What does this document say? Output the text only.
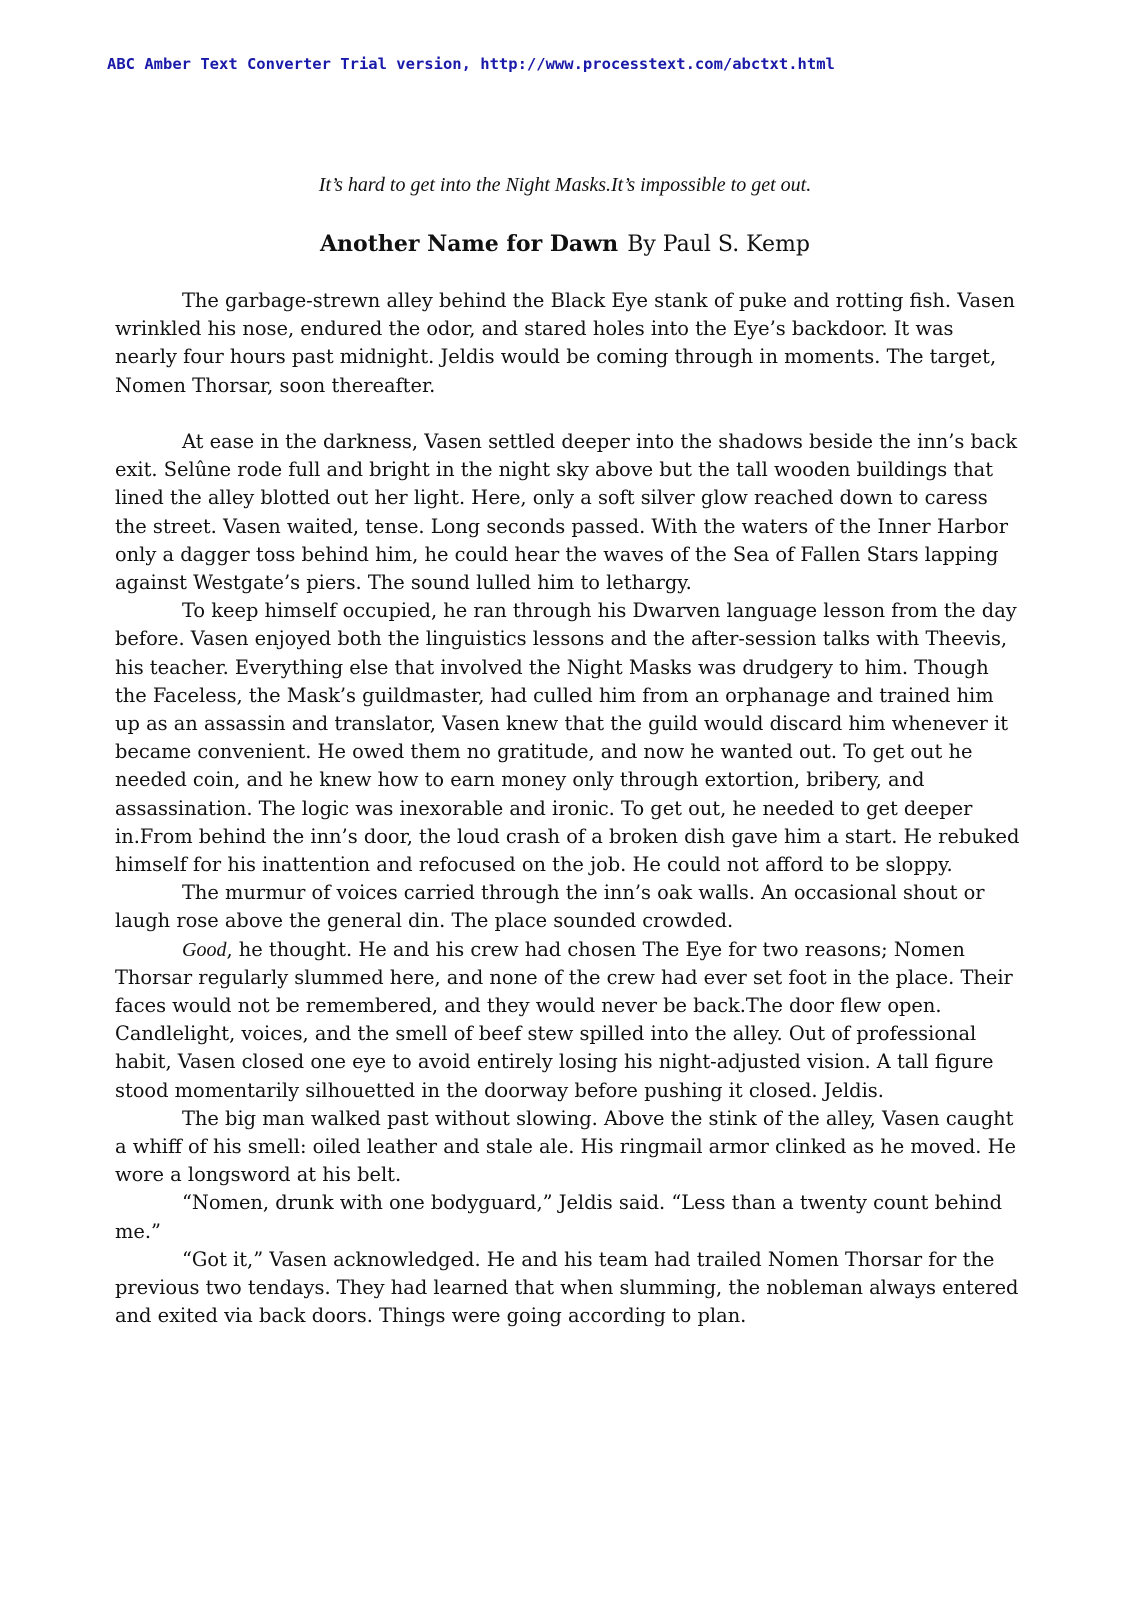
ABC Amber Text Converter Trial version, http://www.processtext.com/abctxt.html
It’s hard to get into the Night Masks.It’s impossible to get out.
Another Name for Dawn By Paul S. Kemp

The garbage-strewn alley behind the Black Eye stank of puke and rotting fish. Vasen wrinkled his nose, endured the odor, and stared holes into the Eye’s backdoor. It was nearly four hours past midnight. Jeldis would be coming through in moments. The target, Nomen Thorsar, soon thereafter.

At ease in the darkness, Vasen settled deeper into the shadows beside the inn’s back exit. Selûne rode full and bright in the night sky above but the tall wooden buildings that lined the alley blotted out her light. Here, only a soft silver glow reached down to caress the street. Vasen waited, tense. Long seconds passed. With the waters of the Inner Harbor only a dagger toss behind him, he could hear the waves of the Sea of Fallen Stars lapping against Westgate’s piers. The sound lulled him to lethargy.

To keep himself occupied, he ran through his Dwarven language lesson from the day before. Vasen enjoyed both the linguistics lessons and the after-session talks with Theevis, his teacher. Everything else that involved the Night Masks was drudgery to him. Though the Faceless, the Mask’s guildmaster, had culled him from an orphanage and trained him up as an assassin and translator, Vasen knew that the guild would discard him whenever it became convenient. He owed them no gratitude, and now he wanted out. To get out he needed coin, and he knew how to earn money only through extortion, bribery, and assassination. The logic was inexorable and ironic. To get out, he needed to get deeper in.From behind the inn’s door, the loud crash of a broken dish gave him a start. He rebuked himself for his inattention and refocused on the job. He could not afford to be sloppy.

The murmur of voices carried through the inn’s oak walls. An occasional shout or laugh rose above the general din. The place sounded crowded.

Good, he thought. He and his crew had chosen The Eye for two reasons; Nomen Thorsar regularly slummed here, and none of the crew had ever set foot in the place. Their faces would not be remembered, and they would never be back.The door flew open. Candlelight, voices, and the smell of beef stew spilled into the alley. Out of professional habit, Vasen closed one eye to avoid entirely losing his night-adjusted vision. A tall figure stood momentarily silhouetted in the doorway before pushing it closed. Jeldis.

The big man walked past without slowing. Above the stink of the alley, Vasen caught a whiff of his smell: oiled leather and stale ale. His ringmail armor clinked as he moved. He wore a longsword at his belt.

“Nomen, drunk with one bodyguard,” Jeldis said. “Less than a twenty count behind me.”

“Got it,” Vasen acknowledged. He and his team had trailed Nomen Thorsar for the previous two tendays. They had learned that when slumming, the nobleman always entered and exited via back doors. Things were going according to plan.
